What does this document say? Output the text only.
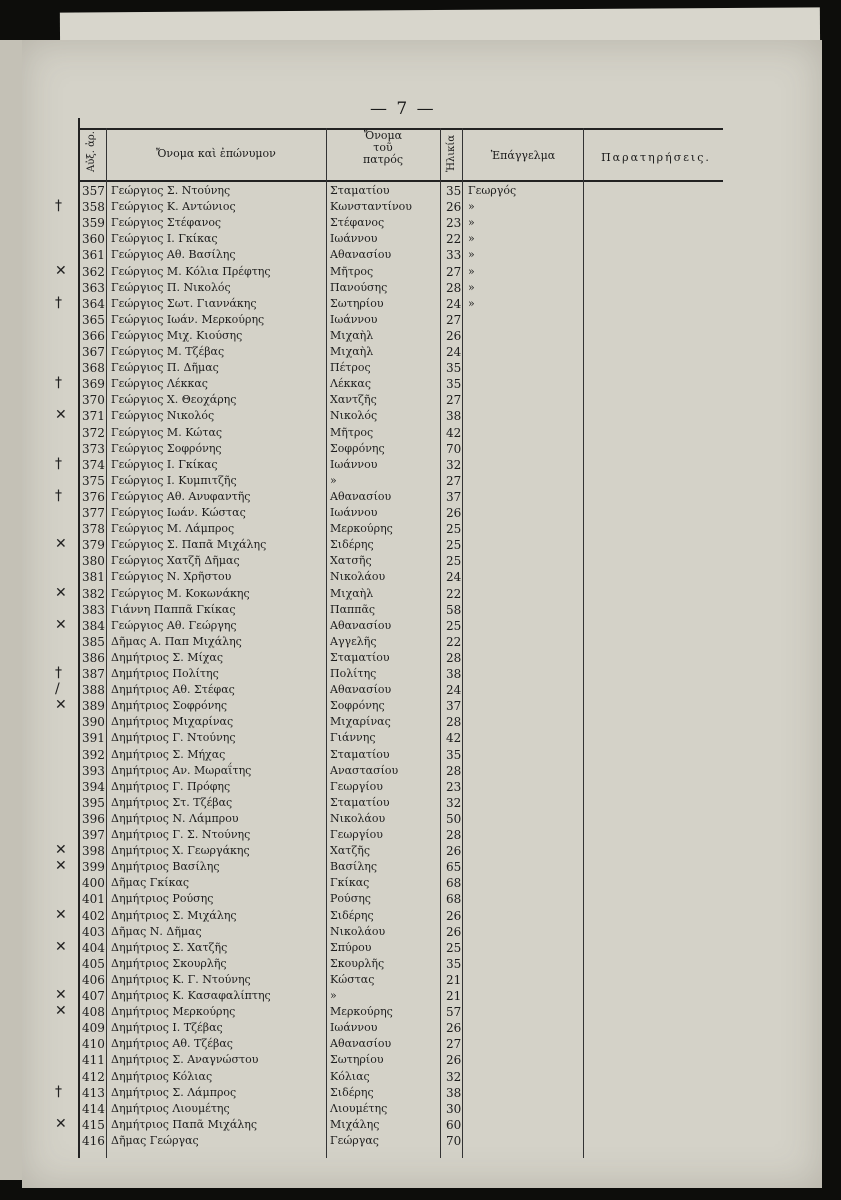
— 7 —
Αὐξ. ἀρ.	Ὄνομα καὶ ἐπώνυμον
Ὄνομα
τοῦ
πατρός	Ἡλικία	Ἐπάγγελμα	Παρατηρήσεις.
357 Γεώργιος Σ. Ντούνης	Σταματίου	35 Γεωργός
358 Γεώργιος Κ. Αντώνιος	Κωνσταντίνου	26 »
†
359 Γεώργιος Στέφανος	Στέφανος	23 »
360 Γεώργιος Ι. Γκίκας	Ιωάννου	22 »
361 Γεώργιος Αθ. Βασίλης	Αθανασίου	33 »
362 Γεώργιος Μ. Κόλια Πρέφτης	Μῆτρος	27 »
✕
363 Γεώργιος Π. Νικολός	Πανούσης	28 »
364 Γεώργιος Σωτ. Γιαννάκης	Σωτηρίου	24 »
†
365 Γεώργιος Ιωάν. Μερκούρης	Ιωάννου	27
366 Γεώργιος Μιχ. Κιούσης	Μιχαὴλ	26
367 Γεώργιος Μ. Τζέβας	Μιχαὴλ	24
368 Γεώργιος Π. Δῆμας	Πέτρος	35
369 Γεώργιος Λέκκας	Λέκκας	35
†
370 Γεώργιος Χ. Θεοχάρης	Χαντζῆς	27
371 Γεώργιος Νικολός	Νικολός	38
✕
372 Γεώργιος Μ. Κώτας	Μῆτρος	42
373 Γεώργιος Σοφρόνης	Σοφρόνης	70
374 Γεώργιος Ι. Γκίκας	Ιωάννου	32
†
375 Γεώργιος Ι. Κυμπιτζῆς	»	27
376 Γεώργιος Αθ. Ανυφαντῆς	Αθανασίου	37
†
377 Γεώργιος Ιωάν. Κώστας	Ιωάννου	26
378 Γεώργιος Μ. Λάμπρος	Μερκούρης	25
379 Γεώργιος Σ. Παπᾶ Μιχάλης	Σιδέρης	25
✕
380 Γεώργιος Χατζῆ Δῆμας	Χατσῆς	25
381 Γεώργιος Ν. Χρῆστου	Νικολάου	24
382 Γεώργιος Μ. Κοκωνάκης	Μιχαὴλ	22
✕
383 Γιάννη Παππᾶ Γκίκας	Παππᾶς	58
384 Γεώργιος Αθ. Γεώργης	Αθανασίου	25
✕
385 Δῆμας Α. Παπ Μιχάλης	Αγγελῆς	22
386 Δημήτριος Σ. Μίχας	Σταματίου	28
387 Δημήτριος Πολίτης	Πολίτης	38
†
388 Δημήτριος Αθ. Στέφας	Αθανασίου	24
/
389 Δημήτριος Σοφρόνης	Σοφρόνης	37
✕
390 Δημήτριος Μιχαρίνας	Μιχαρίνας	28
391 Δημήτριος Γ. Ντούνης	Γιάννης	42
392 Δημήτριος Σ. Μήχας	Σταματίου	35
393 Δημήτριος Αν. Μωραΐτης	Αναστασίου	28
394 Δημήτριος Γ. Πρόφης	Γεωργίου	23
395 Δημήτριος Στ. Τζέβας	Σταματίου	32
396 Δημήτριος Ν. Λάμπρου	Νικολάου	50
397 Δημήτριος Γ. Σ. Ντούνης	Γεωργίου	28
398 Δημήτριος Χ. Γεωργάκης	Χατζῆς	26
✕
399 Δημήτριος Βασίλης	Βασίλης	65
✕
400 Δῆμας Γκίκας	Γκίκας	68
401 Δημήτριος Ρούσης	Ρούσης	68
402 Δημήτριος Σ. Μιχάλης	Σιδέρης	26
✕
403 Δῆμας Ν. Δῆμας	Νικολάου	26
404 Δημήτριος Σ. Χατζῆς	Σπύρου	25
✕
405 Δημήτριος Σκουρλῆς	Σκουρλῆς	35
406 Δημήτριος Κ. Γ. Ντούνης	Κώστας	21
407 Δημήτριος Κ. Κασαφαλίπτης	»	21
✕
408 Δημήτριος Μερκούρης	Μερκούρης	57
✕
409 Δημήτριος Ι. Τζέβας	Ιωάννου	26
410 Δημήτριος Αθ. Τζέβας	Αθανασίου	27
411 Δημήτριος Σ. Αναγνώστου	Σωτηρίου	26
412 Δημήτριος Κόλιας	Κόλιας	32
413 Δημήτριος Σ. Λάμπρος	Σιδέρης	38
†
414 Δημήτριος Λιουμέτης	Λιουμέτης	30
415 Δημήτριος Παπᾶ Μιχάλης	Μιχάλης	60
✕
416 Δῆμας Γεώργας	Γεώργας	70
